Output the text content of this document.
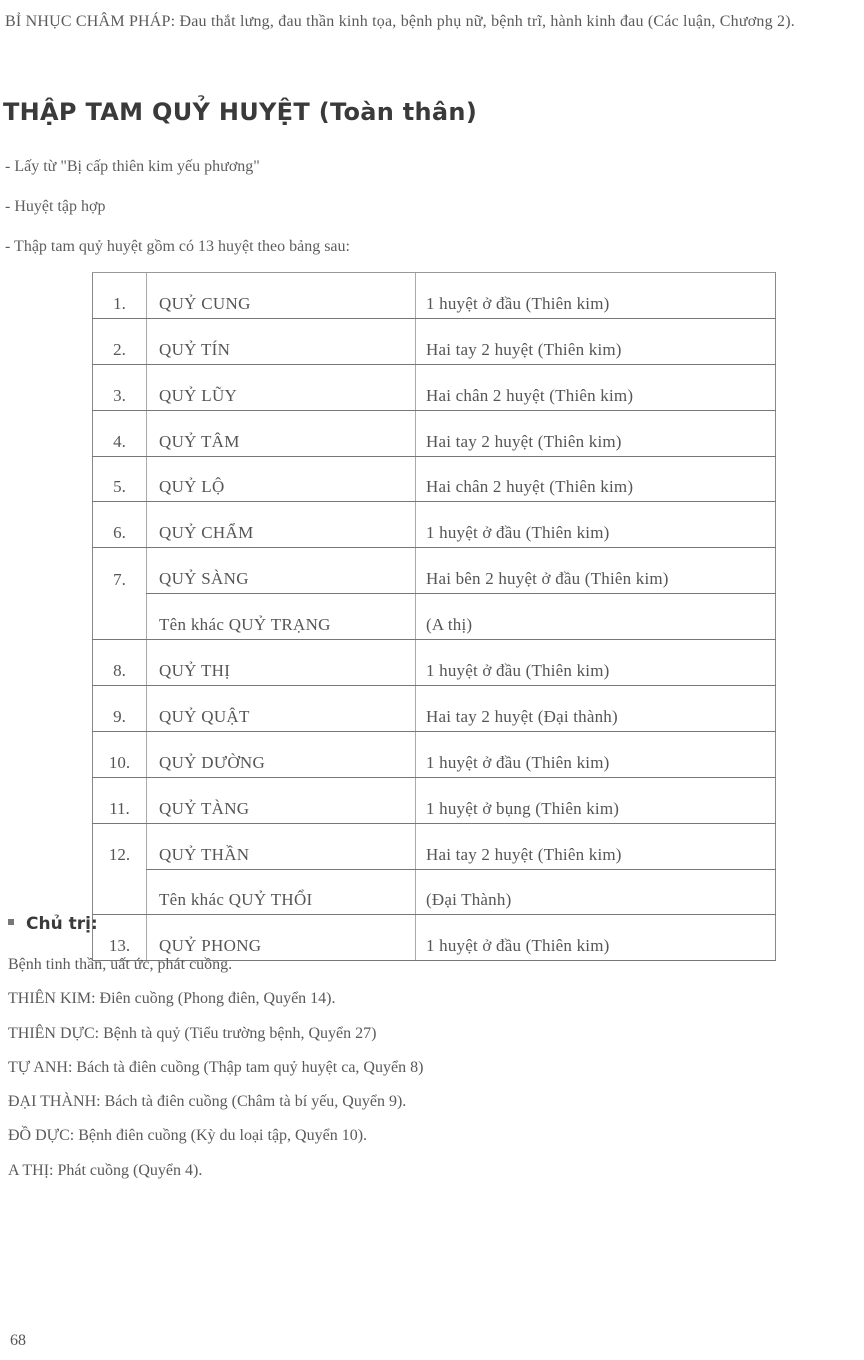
BỈ NHỤC CHÂM PHÁP: Đau thắt lưng, đau thần kinh tọa, bệnh phụ nữ, bệnh trĩ, hành kinh đau (Các luận, Chương 2).
THẬP TAM QUỶ HUYỆT (Toàn thân)
- Lấy từ "Bị cấp thiên kim yếu phương"
- Huyệt tập hợp
- Thập tam quỷ huyệt gồm có 13 huyệt theo bảng sau:
1.	QUỶ CUNG	1 huyệt ở đầu (Thiên kim)
2.	QUỶ TÍN	Hai tay 2 huyệt (Thiên kim)
3.	QUỶ LŨY	Hai chân 2 huyệt (Thiên kim)
4.	QUỶ TÂM	Hai tay 2 huyệt (Thiên kim)
5.	QUỶ LỘ	Hai chân 2 huyệt (Thiên kim)
6.	QUỶ CHẨM	1 huyệt ở đầu (Thiên kim)
7.	QUỶ SÀNG	Hai bên 2 huyệt ở đầu (Thiên kim)
	Tên khác QUỶ TRẠNG	(A thị)
8.	QUỶ THỊ	1 huyệt ở đầu (Thiên kim)
9.	QUỶ QUẬT	Hai tay 2 huyệt (Đại thành)
10.	QUỶ DƯỜNG	1 huyệt ở đầu (Thiên kim)
11.	QUỶ TÀNG	1 huyệt ở bụng (Thiên kim)
12.	QUỶ THẦN	Hai tay 2 huyệt (Thiên kim)
	Tên khác QUỶ THỔI	(Đại Thành)
13.	QUỶ PHONG	1 huyệt ở đầu (Thiên kim)
Chủ trị:
Bệnh tinh thần, uất ức, phát cuồng.
THIÊN KIM: Điên cuồng (Phong điên, Quyển 14).
THIÊN DỰC: Bệnh tà quỷ (Tiểu trường bệnh, Quyển 27)
TỰ ANH: Bách tà điên cuồng (Thập tam quỷ huyệt ca, Quyển 8)
ĐẠI THÀNH: Bách tà điên cuồng (Châm tà bí yếu, Quyển 9).
ĐỒ DỰC: Bệnh điên cuồng (Kỳ du loại tập, Quyển 10).
A THỊ: Phát cuồng (Quyển 4).
68
